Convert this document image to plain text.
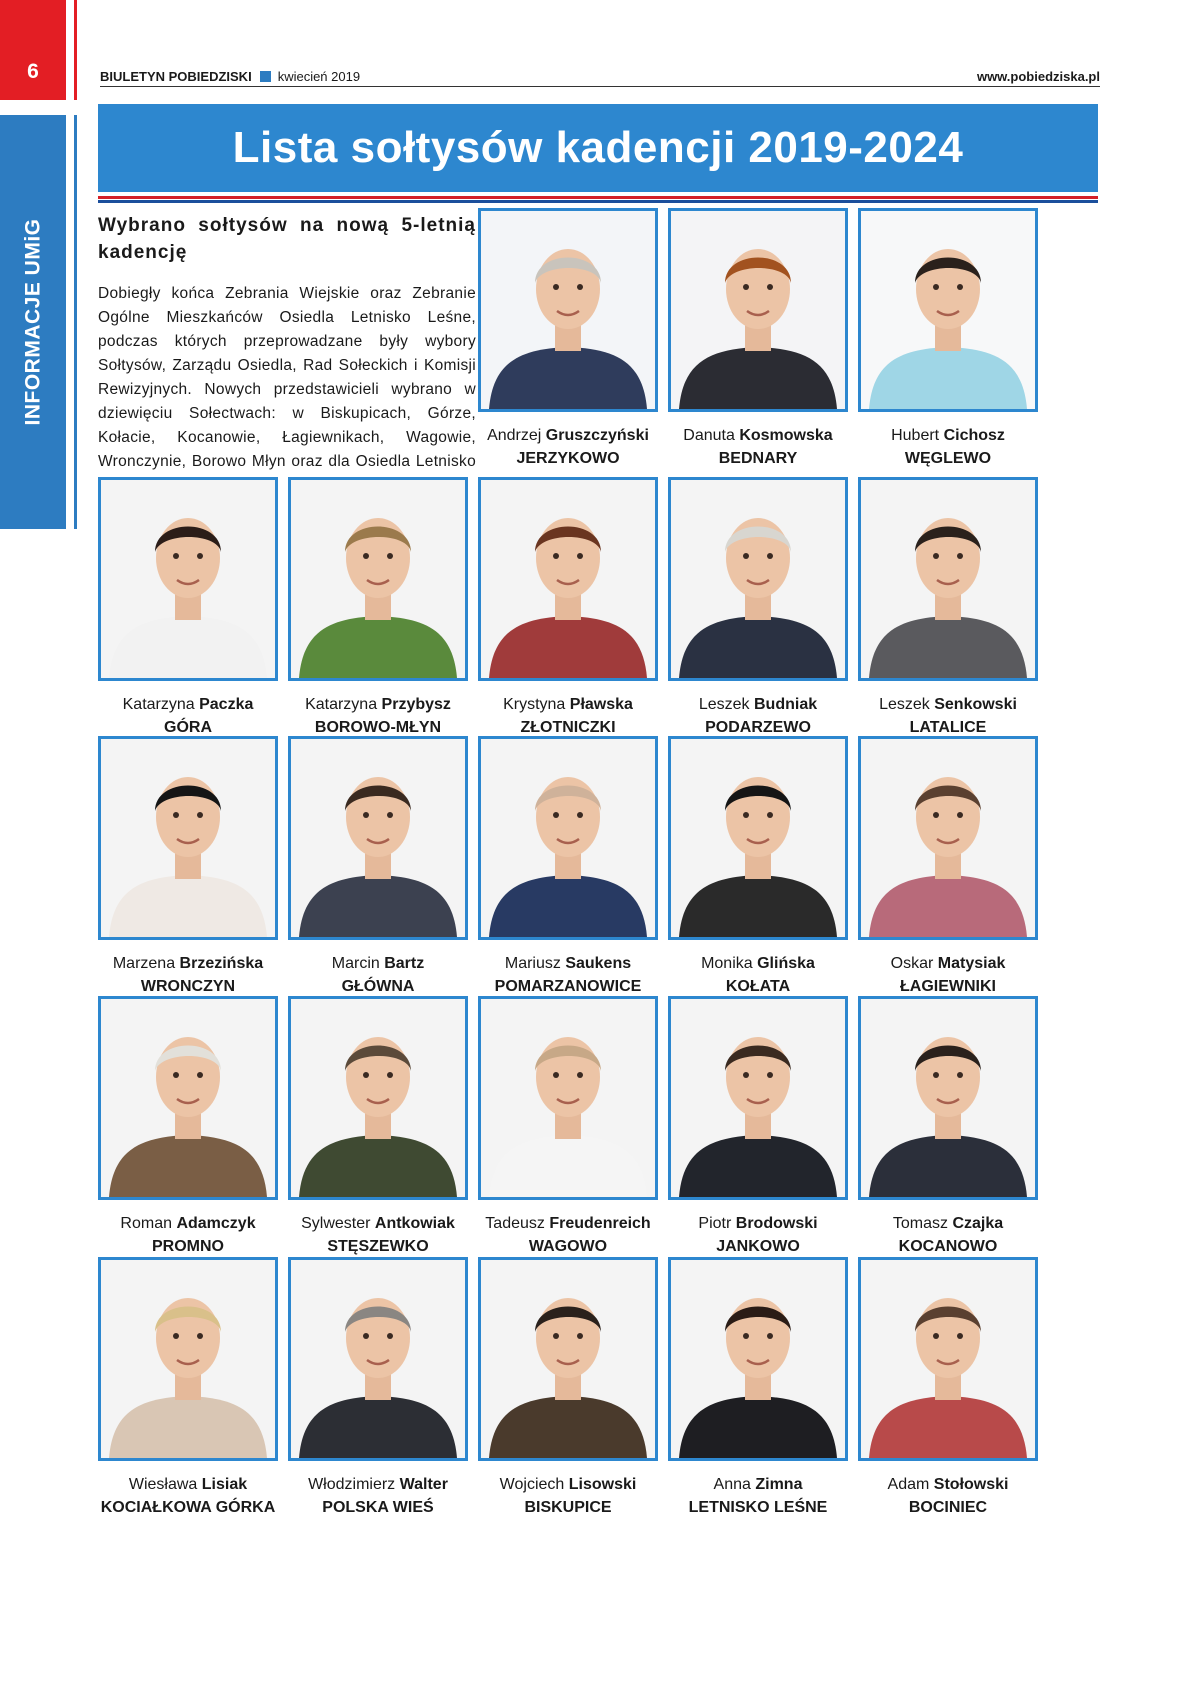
6
INFORMACJE UMiG
BIULETYN POBIEDZISKI kwiecień 2019	www.pobiedziska.pl
Lista sołtysów kadencji 2019-2024
Wybrano sołtysów na nową 5-letnią kadencję

Dobiegły końca Zebrania Wiejskie oraz Zebranie Ogólne Mieszkańców Osiedla Letnisko Leśne, podczas których przeprowadzane były wybory Sołtysów, Zarządu Osiedla, Rad Sołeckich i Komisji Rewizyjnych. Nowych przedstawicieli wybrano w dziewięciu Sołectwach: w Biskupicach, Górze, Kołacie, Kocanowie, Łagiewnikach, Wagowie, Wronczynie, Borowo Młyn oraz dla Osiedla Letnisko

Andrzej Gruszczyński
JERZYKOWO
Danuta Kosmowska
BEDNARY
Hubert Cichosz
WĘGLEWO
Katarzyna Paczka
GÓRA
Katarzyna Przybysz
BOROWO-MŁYN
Krystyna Pławska
ZŁOTNICZKI
Leszek Budniak
PODARZEWO
Leszek Senkowski
LATALICE
Marzena Brzezińska
WRONCZYN
Marcin Bartz
GŁÓWNA
Mariusz Saukens
POMARZANOWICE
Monika Glińska
KOŁATA
Oskar Matysiak
ŁAGIEWNIKI
Roman Adamczyk
PROMNO
Sylwester Antkowiak
STĘSZEWKO
Tadeusz Freudenreich
WAGOWO
Piotr Brodowski
JANKOWO
Tomasz Czajka
KOCANOWO
Wiesława Lisiak
KOCIAŁKOWA GÓRKA
Włodzimierz Walter
POLSKA WIEŚ
Wojciech Lisowski
BISKUPICE
Anna Zimna
LETNISKO LEŚNE
Adam Stołowski
BOCINIEC
